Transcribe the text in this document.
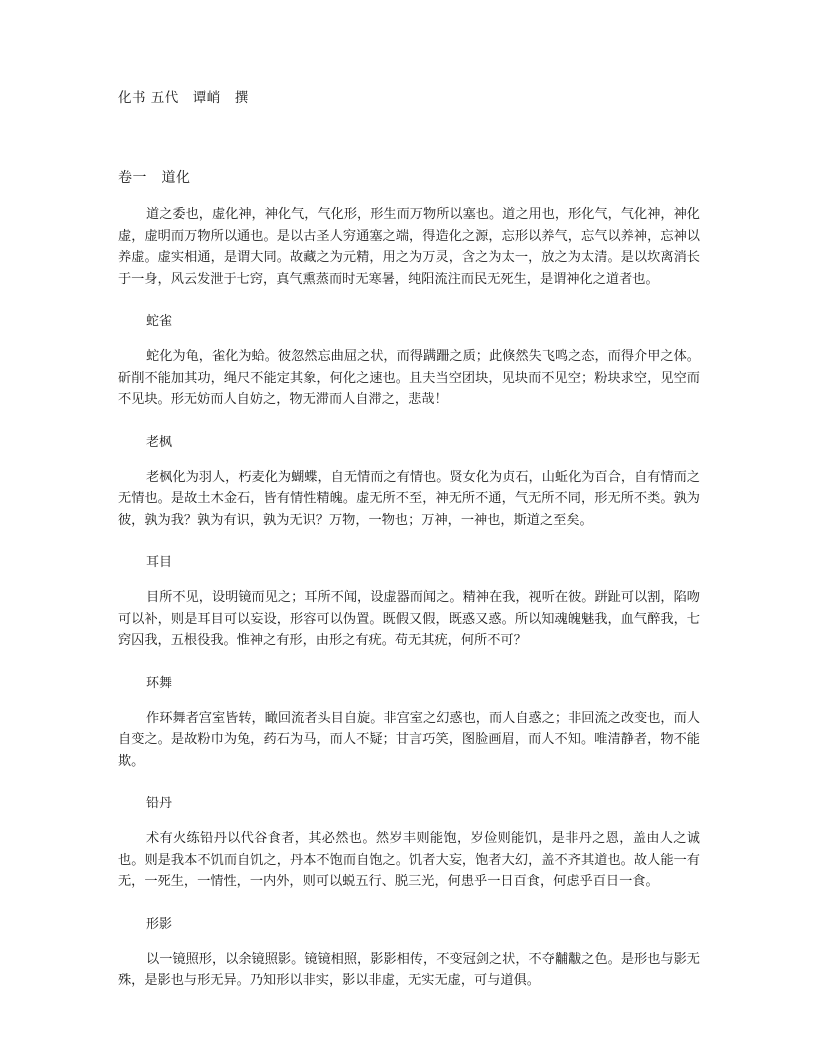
化书 五代　谭峭　撰

卷一　道化

道之委也，虚化神，神化气，气化形，形生而万物所以塞也。道之用也，形化气，气化神，神化虚，虚明而万物所以通也。是以古圣人穷通塞之端，得造化之源，忘形以养气，忘气以养神，忘神以养虚。虚实相通，是谓大同。故藏之为元精，用之为万灵，含之为太一，放之为太清。是以坎离消长于一身，风云发泄于七窍，真气熏蒸而时无寒暑，纯阳流注而民无死生，是谓神化之道者也。

蛇雀

蛇化为龟，雀化为蛤。彼忽然忘曲屈之状，而得蹒跚之质；此倏然失飞鸣之态，而得介甲之体。斫削不能加其功，绳尺不能定其象，何化之速也。且夫当空团块，见块而不见空；粉块求空，见空而不见块。形无妨而人自妨之，物无滞而人自滞之，悲哉！

老枫

老枫化为羽人，朽麦化为蝴蝶，自无情而之有情也。贤女化为贞石，山蚯化为百合，自有情而之无情也。是故土木金石，皆有情性精魄。虚无所不至，神无所不通，气无所不同，形无所不类。孰为彼，孰为我？孰为有识，孰为无识？万物，一物也；万神，一神也，斯道之至矣。

耳目

目所不见，设明镜而见之；耳所不闻，设虚器而闻之。精神在我，视听在彼。跰趾可以割，陷吻可以补，则是耳目可以妄设，形容可以伪置。既假又假，既惑又惑。所以知魂魄魅我，血气醉我，七窍囚我，五根役我。惟神之有形，由形之有疣。苟无其疣，何所不可？

环舞

作环舞者宫室皆转，瞰回流者头目自旋。非宫室之幻惑也，而人自惑之；非回流之改变也，而人自变之。是故粉巾为兔，药石为马，而人不疑；甘言巧笑，图脸画眉，而人不知。唯清静者，物不能欺。

铅丹

术有火练铅丹以代谷食者，其必然也。然岁丰则能饱，岁俭则能饥，是非丹之恩，盖由人之诚也。则是我本不饥而自饥之，丹本不饱而自饱之。饥者大妄，饱者大幻，盖不齐其道也。故人能一有无，一死生，一情性，一内外，则可以蜕五行、脱三光，何患乎一日百食，何虑乎百日一食。

形影

以一镜照形，以余镜照影。镜镜相照，影影相传，不变冠剑之状，不夺黼黻之色。是形也与影无殊，是影也与形无异。乃知形以非实，影以非虚，无实无虚，可与道俱。
